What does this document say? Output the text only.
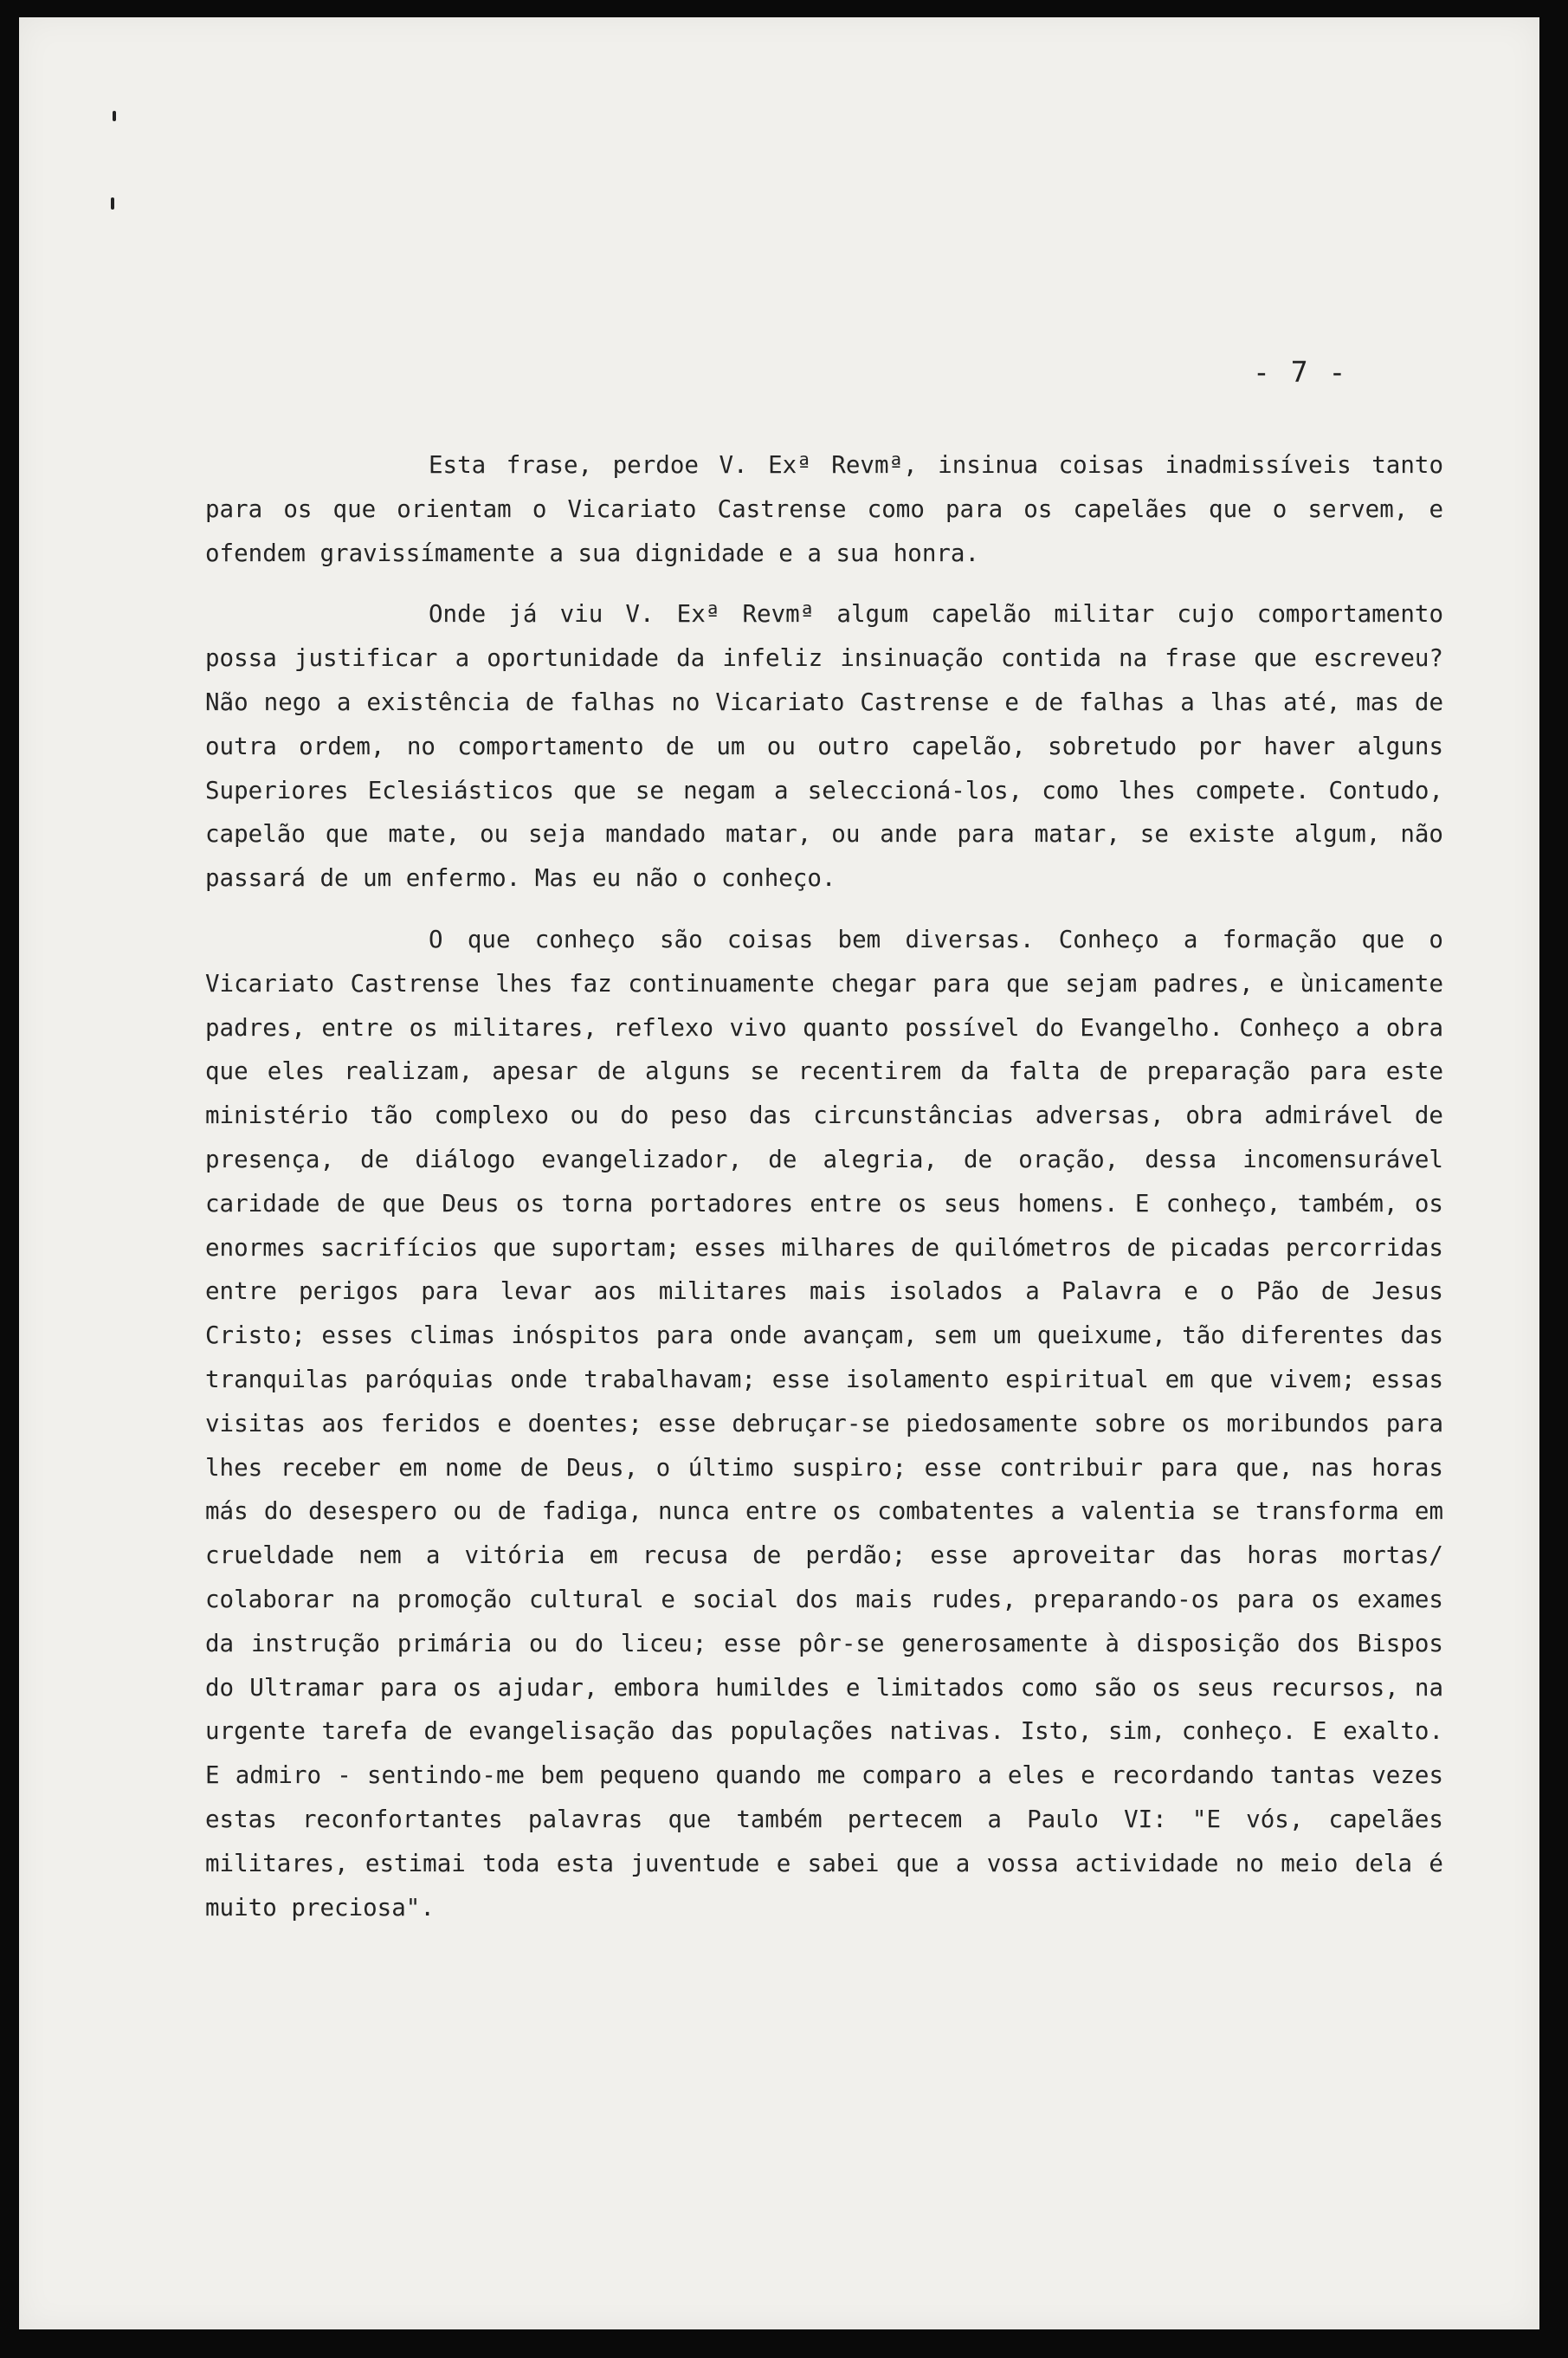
- 7 -

Esta frase, perdoe V. Exª Revmª, insinua coisas inadmissíveis tanto para os que orientam o Vicariato Castrense como para os capelães que o servem, e ofendem gravissímamente a sua dignidade e a sua honra.

Onde já viu V. Exª Revmª algum capelão militar cujo comportamento possa justificar a oportunidade da infeliz insinuação contida na frase que escreveu? Não nego a existência de falhas no Vicariato Castrense e de falhas a lhas até, mas de outra ordem, no comportamento de um ou outro capelão, sobretudo por haver alguns Superiores Eclesiásticos que se negam a seleccioná-los, como lhes compete. Contudo, capelão que mate, ou seja mandado matar, ou ande para matar, se existe algum, não passará de um enfermo. Mas eu não o conheço.

O que conheço são coisas bem diversas. Conheço a formação que o Vicariato Castrense lhes faz continuamente chegar para que sejam padres, e ùnicamente padres, entre os militares, reflexo vivo quanto possível do Evangelho. Conheço a obra que eles realizam, apesar de alguns se recentirem da falta de preparação para este ministério tão complexo ou do peso das circunstâncias adversas, obra admirável de presença, de diálogo evangelizador, de alegria, de oração, dessa incomensurável caridade de que Deus os torna portadores entre os seus homens. E conheço, também, os enormes sacrifícios que suportam; esses milhares de quilómetros de picadas percorridas entre perigos para levar aos militares mais isolados a Palavra e o Pão de Jesus Cristo; esses climas inóspitos para onde avançam, sem um queixume, tão diferentes das tranquilas paróquias onde trabalhavam; esse isolamento espiritual em que vivem; essas visitas aos feridos e doentes; esse debruçar-se piedosamente sobre os moribundos para lhes receber em nome de Deus, o último suspiro; esse contribuir para que, nas horas más do desespero ou de fadiga, nunca entre os combatentes a valentia se transforma em crueldade nem a vitória em recusa de perdão; esse aproveitar das horas mortas/ colaborar na promoção cultural e social dos mais rudes, preparando-os para os exames da instrução primária ou do liceu; esse pôr-se generosamente à disposição dos Bispos do Ultramar para os ajudar, embora humildes e limitados como são os seus recursos, na urgente tarefa de evangelisação das populações nativas. Isto, sim, conheço. E exalto. E admiro - sentindo-me bem pequeno quando me comparo a eles e recordando tantas vezes estas reconfortantes palavras que também pertecem a Paulo VI: "E vós, capelães militares, estimai toda esta juventude e sabei que a vossa actividade no meio dela é muito preciosa".
